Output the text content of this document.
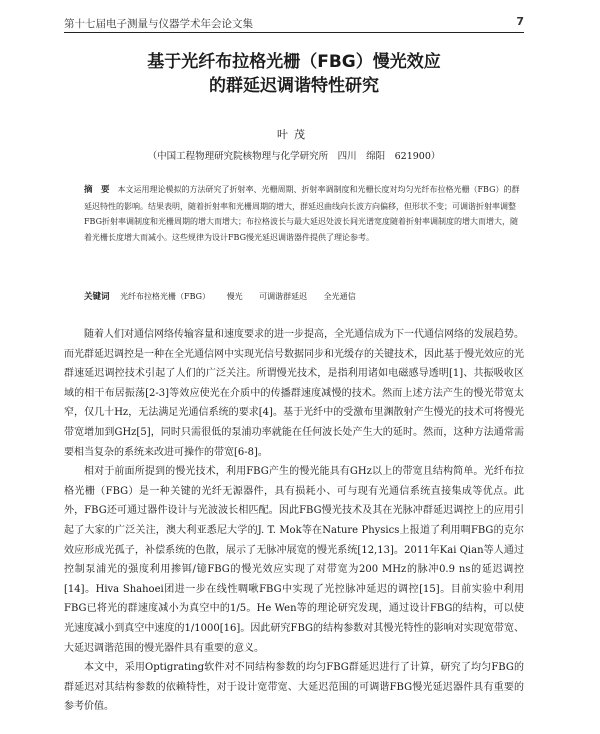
第十七届电子测量与仪器学术年会论文集	7
基于光纤布拉格光栅（FBG）慢光效应
的群延迟调谐特性研究
叶茂
（中国工程物理研究院核物理与化学研究所　四川　绵阳　621900）
摘　要 本文运用理论模拟的方法研究了折射率、光栅周期、折射率调制度和光栅长度对均匀光纤布拉格光栅（FBG）的群延迟特性的影响。结果表明，随着折射率和光栅周期的增大，群延迟曲线向长波方向偏移，但形状不变；可调谐折射率调整FBG折射率调制度和光栅周期的增大而增大；布拉格波长与最大延迟处波长间光谱宽度随着折射率调制度的增大而增大，随着光栅长度增大而减小。这些规律为设计FBG慢光延迟调谐器件提供了理论参考。
关键词 光纤布拉格光栅（FBG） 慢光 可调谐群延迟 全光通信

随着人们对通信网络传输容量和速度要求的进一步提高，全光通信成为下一代通信网络的发展趋势。而光群延迟调控是一种在全光通信网中实现光信号数据同步和光缓存的关键技术，因此基于慢光效应的光群速延迟调控技术引起了人们的广泛关注。所谓慢光技术，是指利用诸如电磁感导透明[1]、共振吸收区域的相干布居振荡[2-3]等效应使光在介质中的传播群速度减慢的技术。然而上述方法产生的慢光带宽太窄，仅几十Hz，无法满足光通信系统的要求[4]。基于光纤中的受激布里渊散射产生慢光的技术可将慢光带宽增加到GHz[5]，同时只需很低的泵浦功率就能在任何波长处产生大的延时。然而，这种方法通常需要相当复杂的系统来改进可操作的带宽[6-8]。

相对于前面所提到的慢光技术，利用FBG产生的慢光能具有GHz以上的带宽且结构简单。光纤布拉格光栅（FBG）是一种关键的光纤无源器件，具有损耗小、可与现有光通信系统直接集成等优点。此外，FBG还可通过器件设计与光波波长相匹配。因此FBG慢光技术及其在光脉冲群延迟调控上的应用引起了大家的广泛关注，澳大利亚悉尼大学的J. T. Mok等在Nature Physics上报道了利用啁FBG的克尔效应形成光孤子，补偿系统的色散，展示了无脉冲展宽的慢光系统[12,13]。2011年Kai Qian等人通过控制泵浦光的强度利用掺铒/镱FBG的慢光效应实现了对带宽为200 MHz的脉冲0.9 ns的延迟调控[14]。Hiva Shahoei团进一步在线性啁啾FBG中实现了光控脉冲延迟的调控[15]。目前实验中利用FBG已将光的群速度减小为真空中的1/5。He Wen等的理论研究发现，通过设计FBG的结构，可以使光速度减小到真空中速度的1/1000[16]。因此研究FBG的结构参数对其慢光特性的影响对实现宽带宽、大延迟调谐范围的慢光器件具有重要的意义。

本文中，采用Optigrating软件对不同结构参数的均匀FBG群延迟进行了计算，研究了均匀FBG的群延迟对其结构参数的依赖特性，对于设计宽带宽、大延迟范围的可调谐FBG慢光延迟器件具有重要的参考价值。
